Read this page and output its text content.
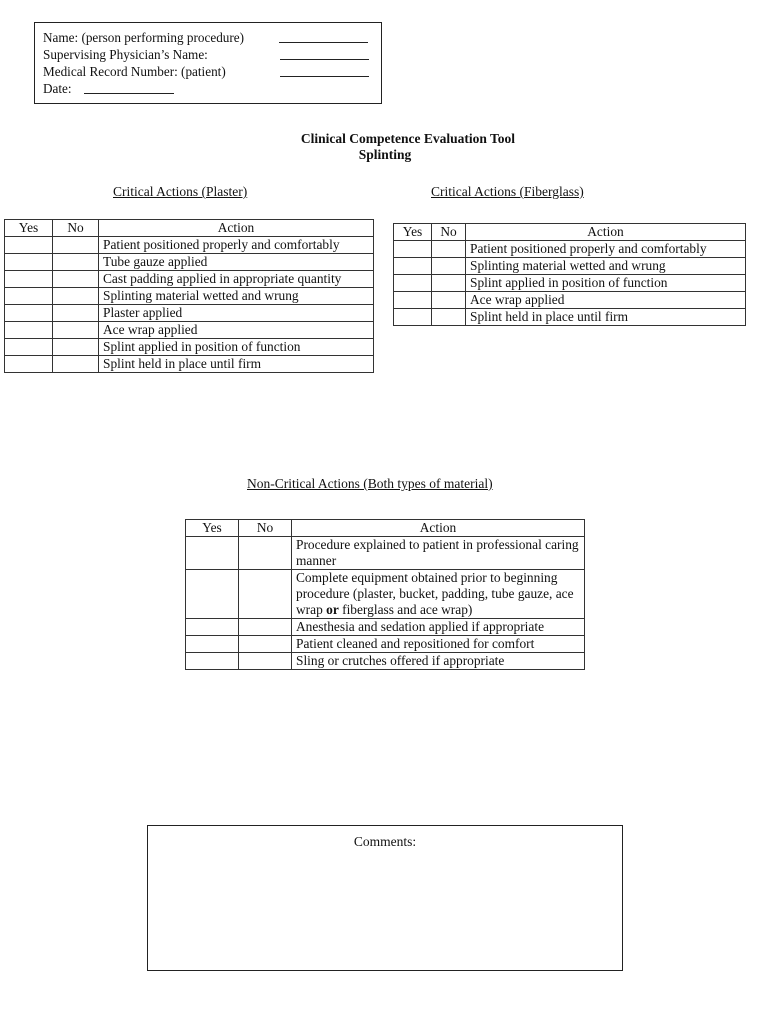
Name: (person performing procedure)
Supervising Physician’s Name:
Medical Record Number: (patient)
Date:
Clinical Competence Evaluation Tool
Splinting
Critical Actions (Plaster)	Critical Actions (Fiberglass)
Yes	No	Action
		Patient positioned properly and comfortably
		Tube gauze applied
		Cast padding applied in appropriate quantity
		Splinting material wetted and wrung
		Plaster applied
		Ace wrap applied
		Splint applied in position of function
		Splint held in place until firm
Yes	No	Action
		Patient positioned properly and comfortably
		Splinting material wetted and wrung
		Splint applied in position of function
		Ace wrap applied
		Splint held in place until firm
Non-Critical Actions (Both types of material)
Yes	No	Action
		Procedure explained to patient in professional caring manner
		Complete equipment obtained prior to beginning procedure (plaster, bucket, padding, tube gauze, ace wrap or fiberglass and ace wrap)
		Anesthesia and sedation applied if appropriate
		Patient cleaned and repositioned for comfort
		Sling or crutches offered if appropriate
Comments:
